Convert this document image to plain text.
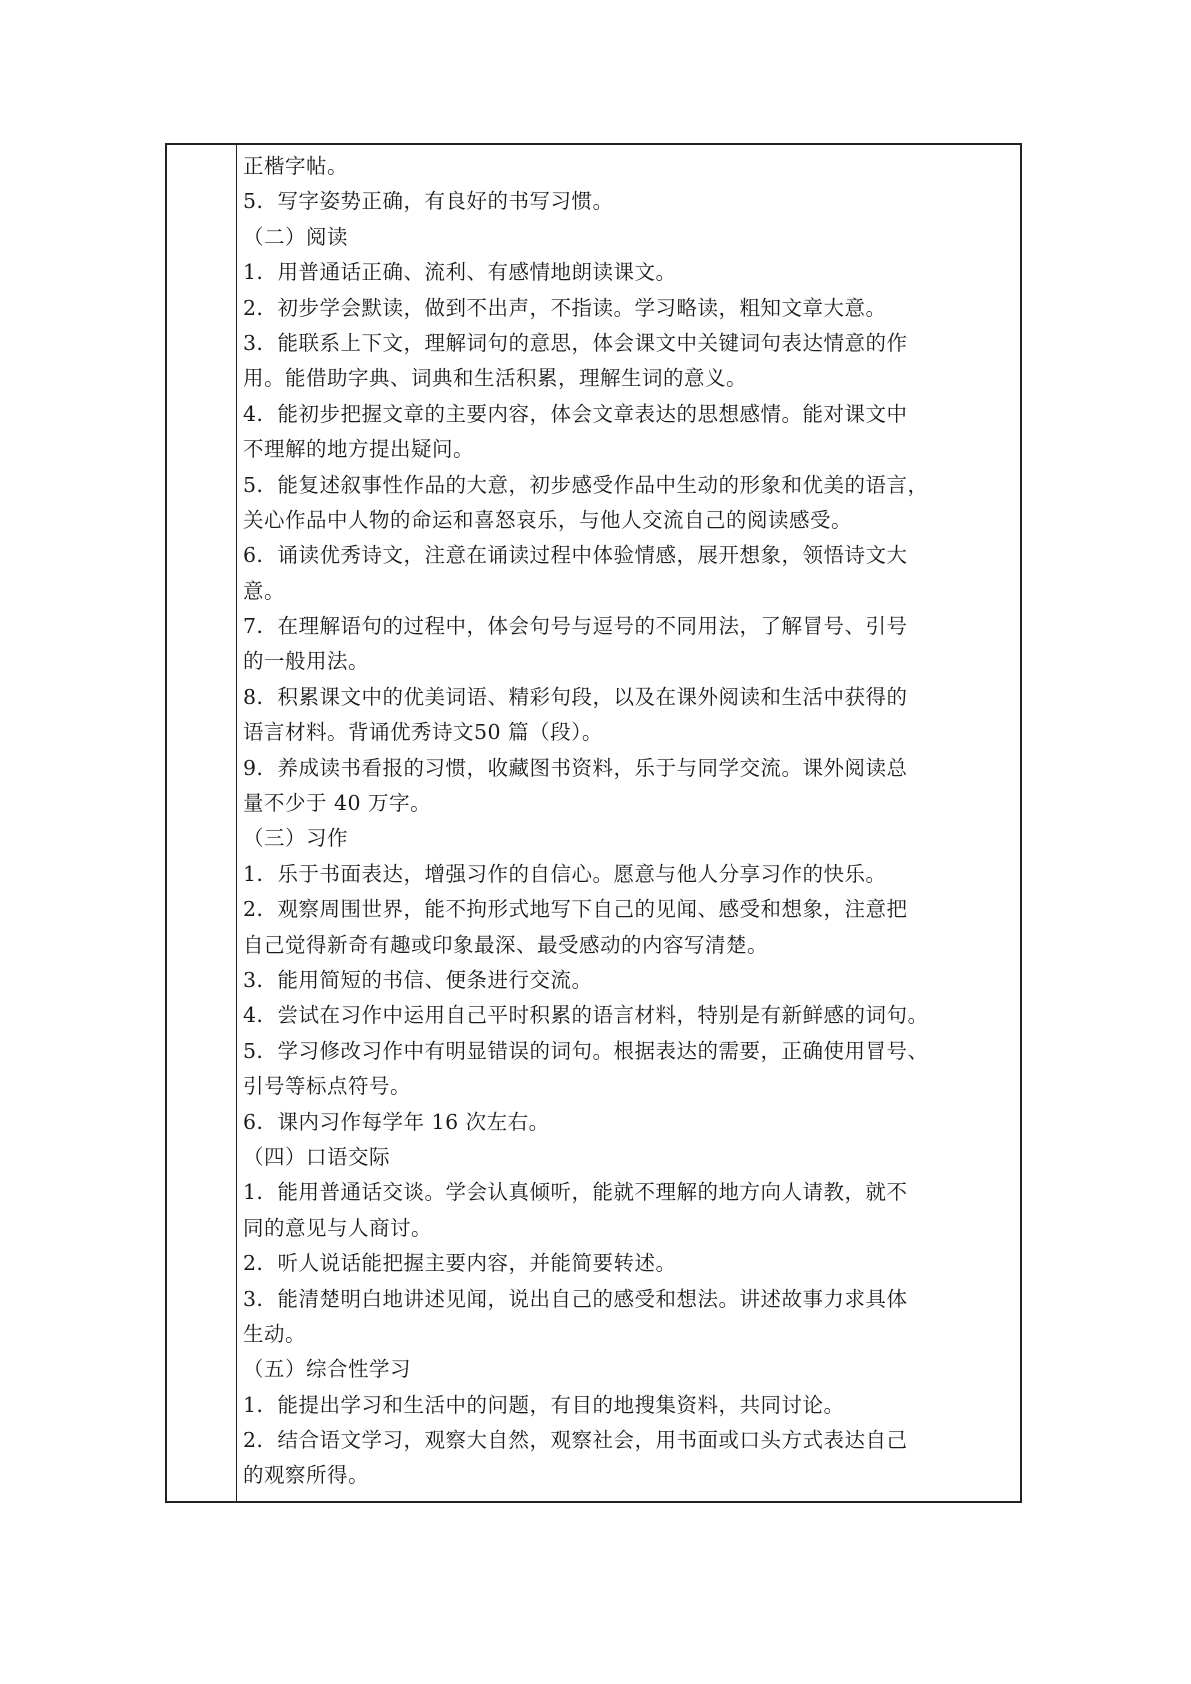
正楷字帖。
5．写字姿势正确，有良好的书写习惯。
（二）阅读
1．用普通话正确、流利、有感情地朗读课文。
2．初步学会默读，做到不出声，不指读。学习略读，粗知文章大意。
3．能联系上下文，理解词句的意思，体会课文中关键词句表达情意的作
用。能借助字典、词典和生活积累，理解生词的意义。
4．能初步把握文章的主要内容，体会文章表达的思想感情。能对课文中
不理解的地方提出疑问。
5．能复述叙事性作品的大意，初步感受作品中生动的形象和优美的语言，
关心作品中人物的命运和喜怒哀乐，与他人交流自己的阅读感受。
6．诵读优秀诗文，注意在诵读过程中体验情感，展开想象，领悟诗文大
意。
7．在理解语句的过程中，体会句号与逗号的不同用法，了解冒号、引号
的一般用法。
8．积累课文中的优美词语、精彩句段，以及在课外阅读和生活中获得的
语言材料。背诵优秀诗文50 篇（段）。
9．养成读书看报的习惯，收藏图书资料，乐于与同学交流。课外阅读总
量不少于 40 万字。
（三）习作
1．乐于书面表达，增强习作的自信心。愿意与他人分享习作的快乐。
2．观察周围世界，能不拘形式地写下自己的见闻、感受和想象，注意把
自己觉得新奇有趣或印象最深、最受感动的内容写清楚。
3．能用简短的书信、便条进行交流。
4．尝试在习作中运用自己平时积累的语言材料，特别是有新鲜感的词句。
5．学习修改习作中有明显错误的词句。根据表达的需要，正确使用冒号、
引号等标点符号。
6．课内习作每学年 16 次左右。
（四）口语交际
1．能用普通话交谈。学会认真倾听，能就不理解的地方向人请教，就不
同的意见与人商讨。
2．听人说话能把握主要内容，并能简要转述。
3．能清楚明白地讲述见闻，说出自己的感受和想法。讲述故事力求具体
生动。
（五）综合性学习
1．能提出学习和生活中的问题，有目的地搜集资料，共同讨论。
2．结合语文学习，观察大自然，观察社会，用书面或口头方式表达自己
的观察所得。
